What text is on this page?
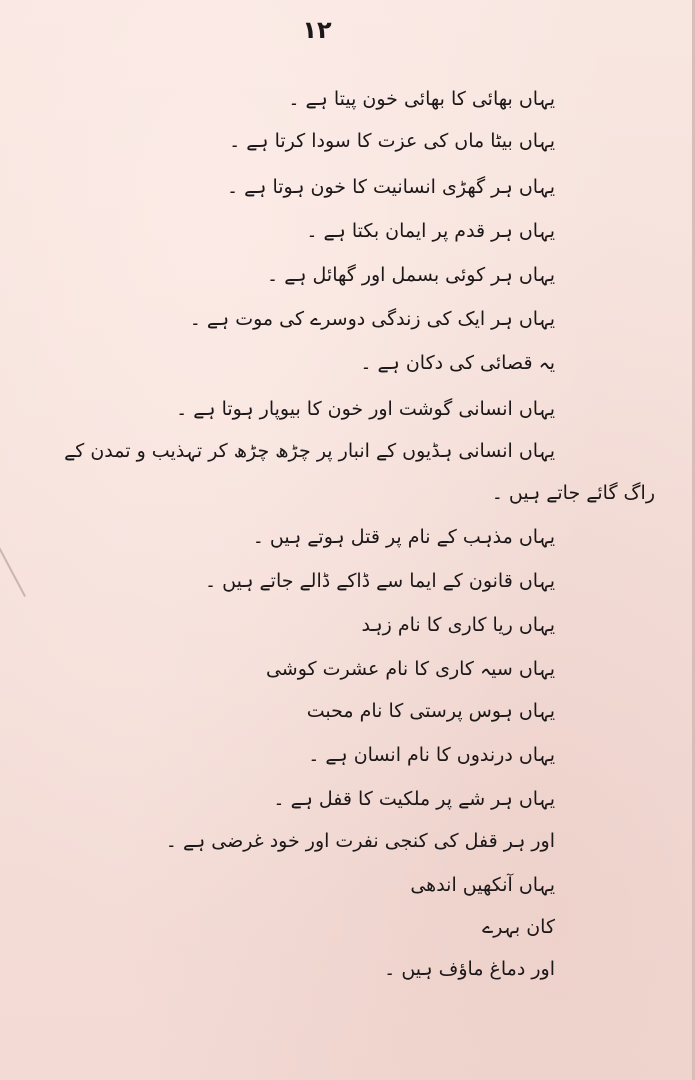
١٢
یہاں بھائی کا بھائی خون پیتا ہے ۔
یہاں بیٹا ماں کی عزت کا سودا کرتا ہے ۔
یہاں ہر گھڑی انسانیت کا خون ہوتا ہے ۔
یہاں ہر قدم پر ایمان بکتا ہے ۔
یہاں ہر کوئی بسمل اور گھائل ہے ۔
یہاں ہر ایک کی زندگی دوسرے کی موت ہے ۔
یہ قصائی کی دکان ہے ۔
یہاں انسانی گوشت اور خون کا بیوپار ہوتا ہے ۔
یہاں انسانی ہڈیوں کے انبار پر چڑھ چڑھ کر تہذیب و تمدن کے
راگ گائے جاتے ہیں ۔
یہاں مذہب کے نام پر قتل ہوتے ہیں ۔
یہاں قانون کے ایما سے ڈاکے ڈالے جاتے ہیں ۔
یہاں ریا کاری کا نام زہد
یہاں سیہ کاری کا نام عشرت کوشی
یہاں ہوس پرستی کا نام محبت
یہاں درندوں کا نام انسان ہے ۔
یہاں ہر شے پر ملکیت کا قفل ہے ۔
اور ہر قفل کی کنجی نفرت اور خود غرضی ہے ۔
یہاں آنکھیں اندھی
کان بہرے
اور دماغ ماؤف ہیں ۔
